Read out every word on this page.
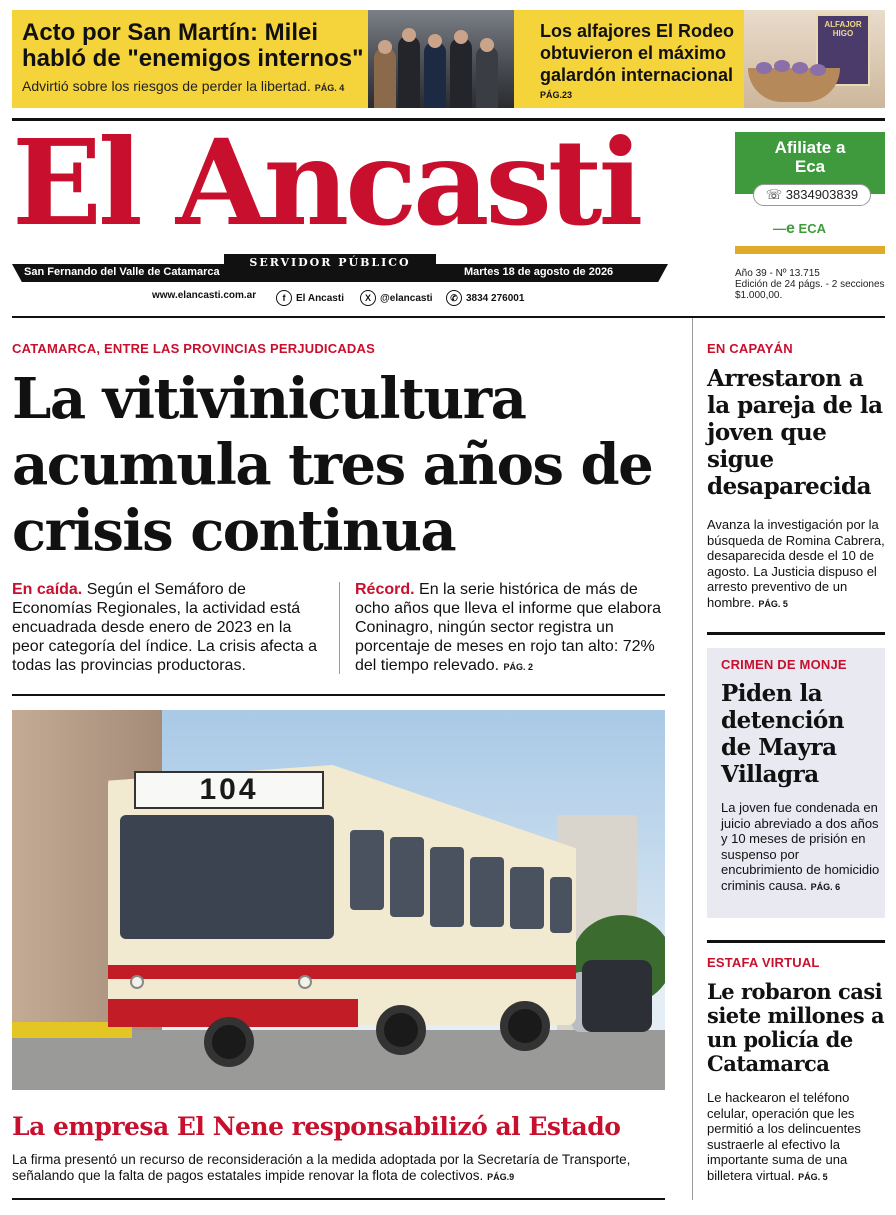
Acto por San Martín: Milei habló de "enemigos internos"
Advirtió sobre los riesgos de perder la libertad. PÁG. 4
Los alfajores El Rodeo obtuvieron el máximo galardón internacional
PÁG.23
ALFAJOR HIGO
El Ancasti
SERVIDOR PÚBLICO
San Fernando del Valle de Catamarca	Martes 18 de agosto de 2026
www.elancasti.com.ar	f	El Ancasti	X @elancasti	✆ 3834 276001
Afiliate a Eca
☏ 3834903839
—e ECA
Año 39 - Nº 13.715
Edición de 24 págs. - 2 secciones
$1.000,00.
CATAMARCA, ENTRE LAS PROVINCIAS PERJUDICADAS
La vitivinicultura acumula tres años de crisis continua
En caída. Según el Semáforo de Economías Regionales, la actividad está encuadrada desde enero de 2023 en la peor categoría del índice. La crisis afecta a todas las provincias productoras.
Récord. En la serie histórica de más de ocho años que lleva el informe que elabora Coninagro, ningún sector registra un porcentaje de meses en rojo tan alto: 72% del tiempo relevado. PÁG. 2
104
La empresa El Nene responsabilizó al Estado
La firma presentó un recurso de reconsideración a la medida adoptada por la Secretaría de Transporte, señalando que la falta de pagos estatales impide renovar la flota de colectivos. PÁG.9
EN CAPAYÁN
Arrestaron a la pareja de la joven que sigue desaparecida
Avanza la investigación por la búsqueda de Romina Cabrera, desaparecida desde el 10 de agosto. La Justicia dispuso el arresto preventivo de un hombre. PÁG. 5
CRIMEN DE MONJE
Piden la detención de Mayra Villagra
La joven fue condenada en juicio abreviado a dos años y 10 meses de prisión en suspenso por encubrimiento de homicidio criminis causa. PÁG. 6
ESTAFA VIRTUAL
Le robaron casi siete millones a un policía de Catamarca
Le hackearon el teléfono celular, operación que les permitió a los delincuentes sustraerle al efectivo la importante suma de una billetera virtual. PÁG. 5
